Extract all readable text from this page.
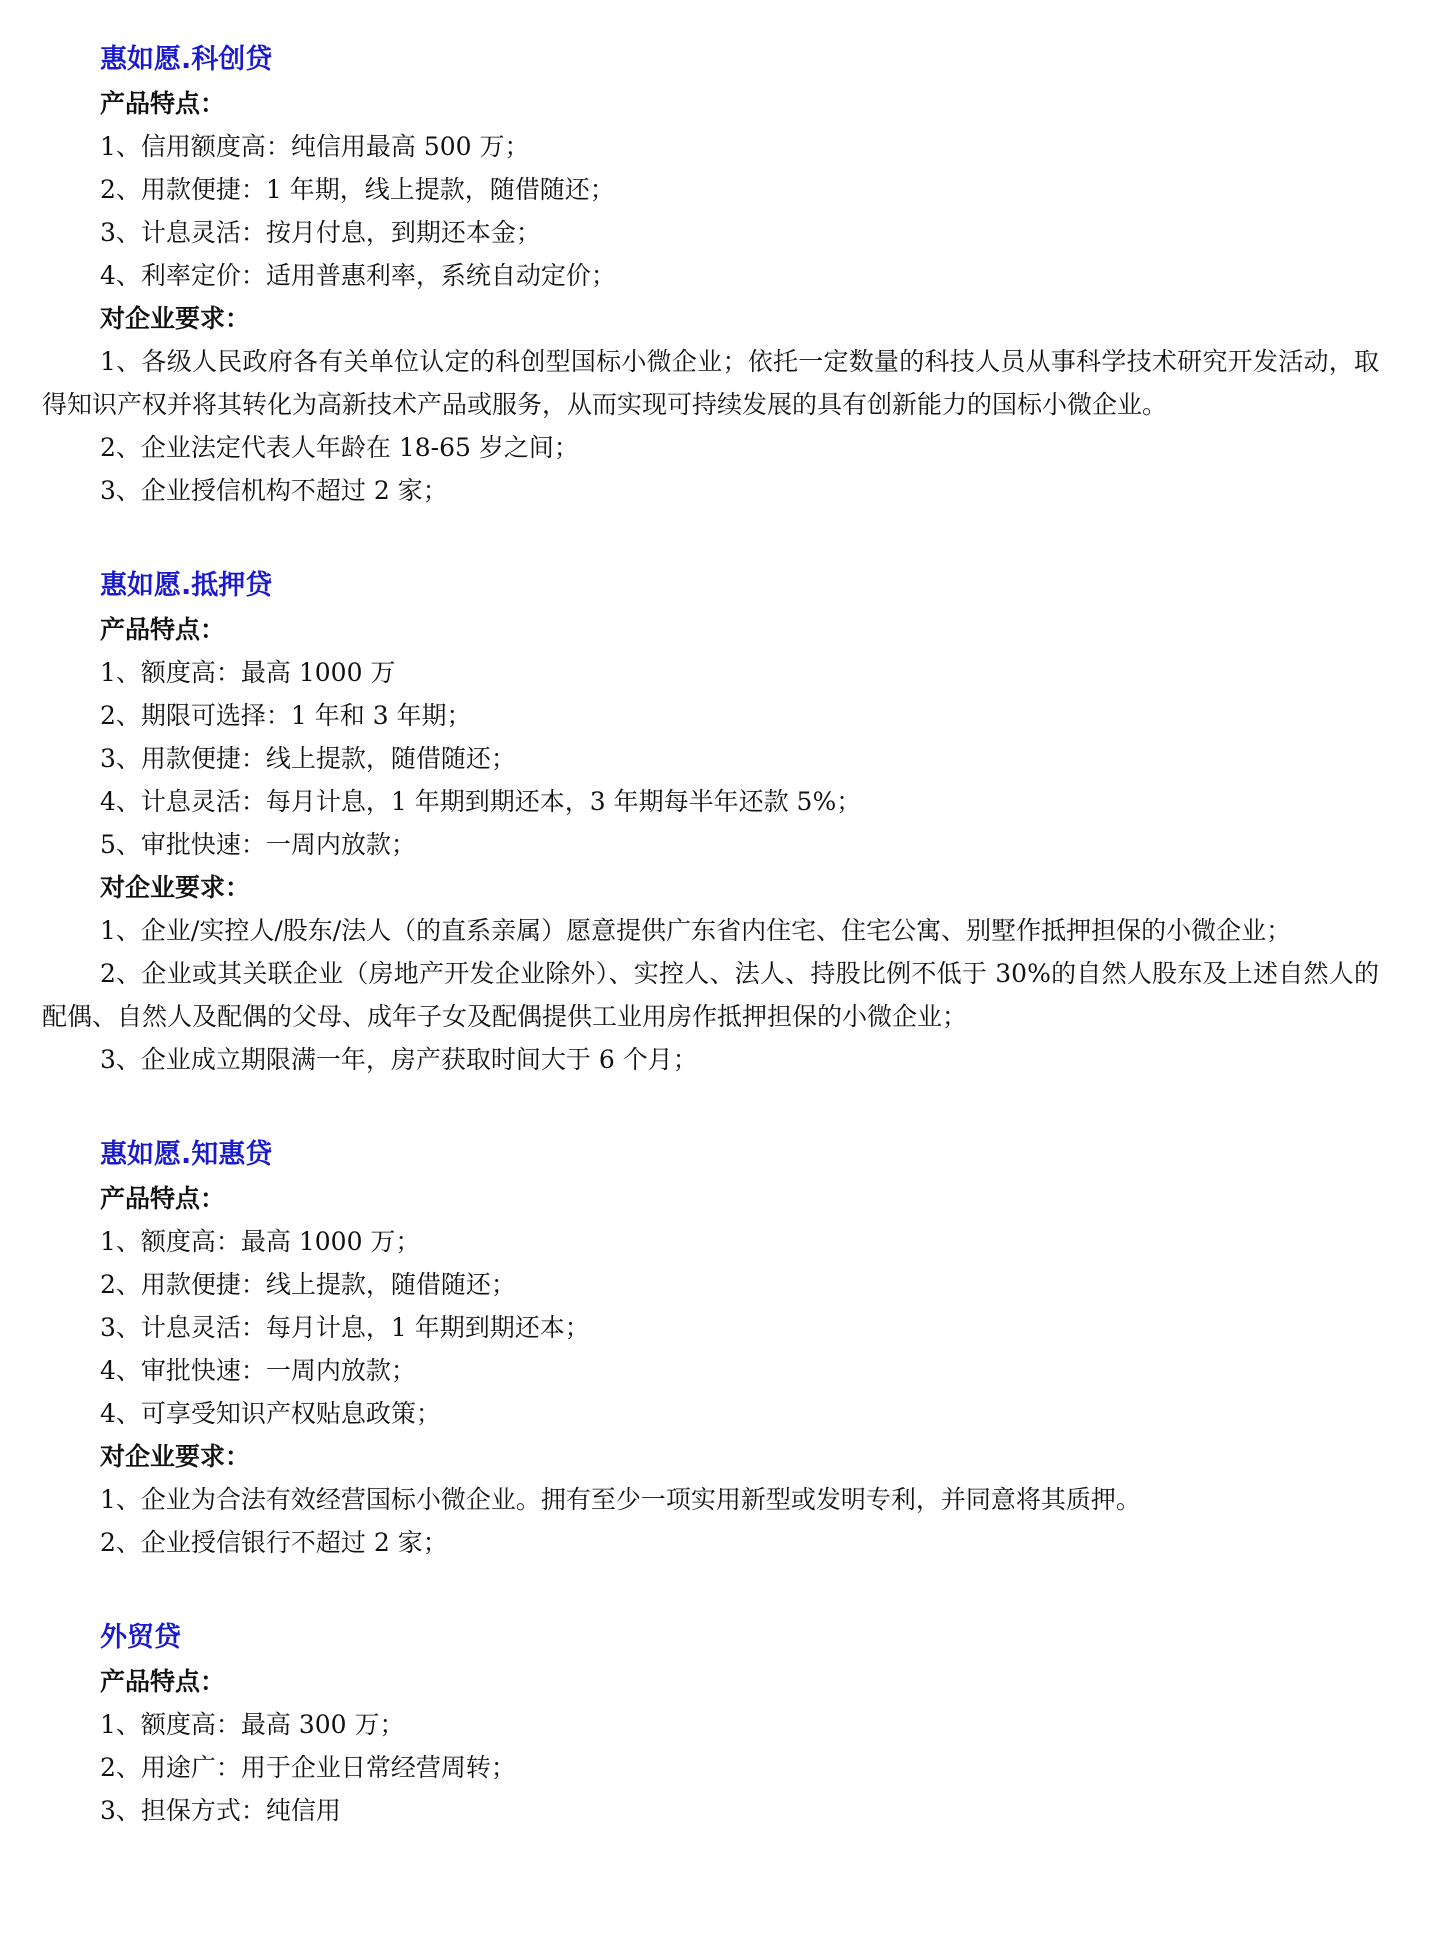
惠如愿.科创贷
产品特点：
1、信用额度高：纯信用最高 500 万；
2、用款便捷：1 年期，线上提款，随借随还；
3、计息灵活：按月付息，到期还本金；
4、利率定价：适用普惠利率，系统自动定价；
对企业要求：
1、各级人民政府各有关单位认定的科创型国标小微企业；依托一定数量的科技人员从事科学技术研究开发活动，取得知识产权并将其转化为高新技术产品或服务，从而实现可持续发展的具有创新能力的国标小微企业。
2、企业法定代表人年龄在 18-65 岁之间；
3、企业授信机构不超过 2 家；
惠如愿.抵押贷
产品特点：
1、额度高：最高 1000 万
2、期限可选择：1 年和 3 年期；
3、用款便捷：线上提款，随借随还；
4、计息灵活：每月计息，1 年期到期还本，3 年期每半年还款 5%；
5、审批快速：一周内放款；
对企业要求：
1、企业/实控人/股东/法人（的直系亲属）愿意提供广东省内住宅、住宅公寓、别墅作抵押担保的小微企业；
2、企业或其关联企业（房地产开发企业除外）、实控人、法人、持股比例不低于 30%的自然人股东及上述自然人的配偶、自然人及配偶的父母、成年子女及配偶提供工业用房作抵押担保的小微企业；
3、企业成立期限满一年，房产获取时间大于 6 个月；
惠如愿.知惠贷
产品特点：
1、额度高：最高 1000 万；
2、用款便捷：线上提款，随借随还；
3、计息灵活：每月计息，1 年期到期还本；
4、审批快速：一周内放款；
4、可享受知识产权贴息政策；
对企业要求：
1、企业为合法有效经营国标小微企业。拥有至少一项实用新型或发明专利，并同意将其质押。
2、企业授信银行不超过 2 家；
外贸贷
产品特点：
1、额度高：最高 300 万；
2、用途广：用于企业日常经营周转；
3、担保方式：纯信用
